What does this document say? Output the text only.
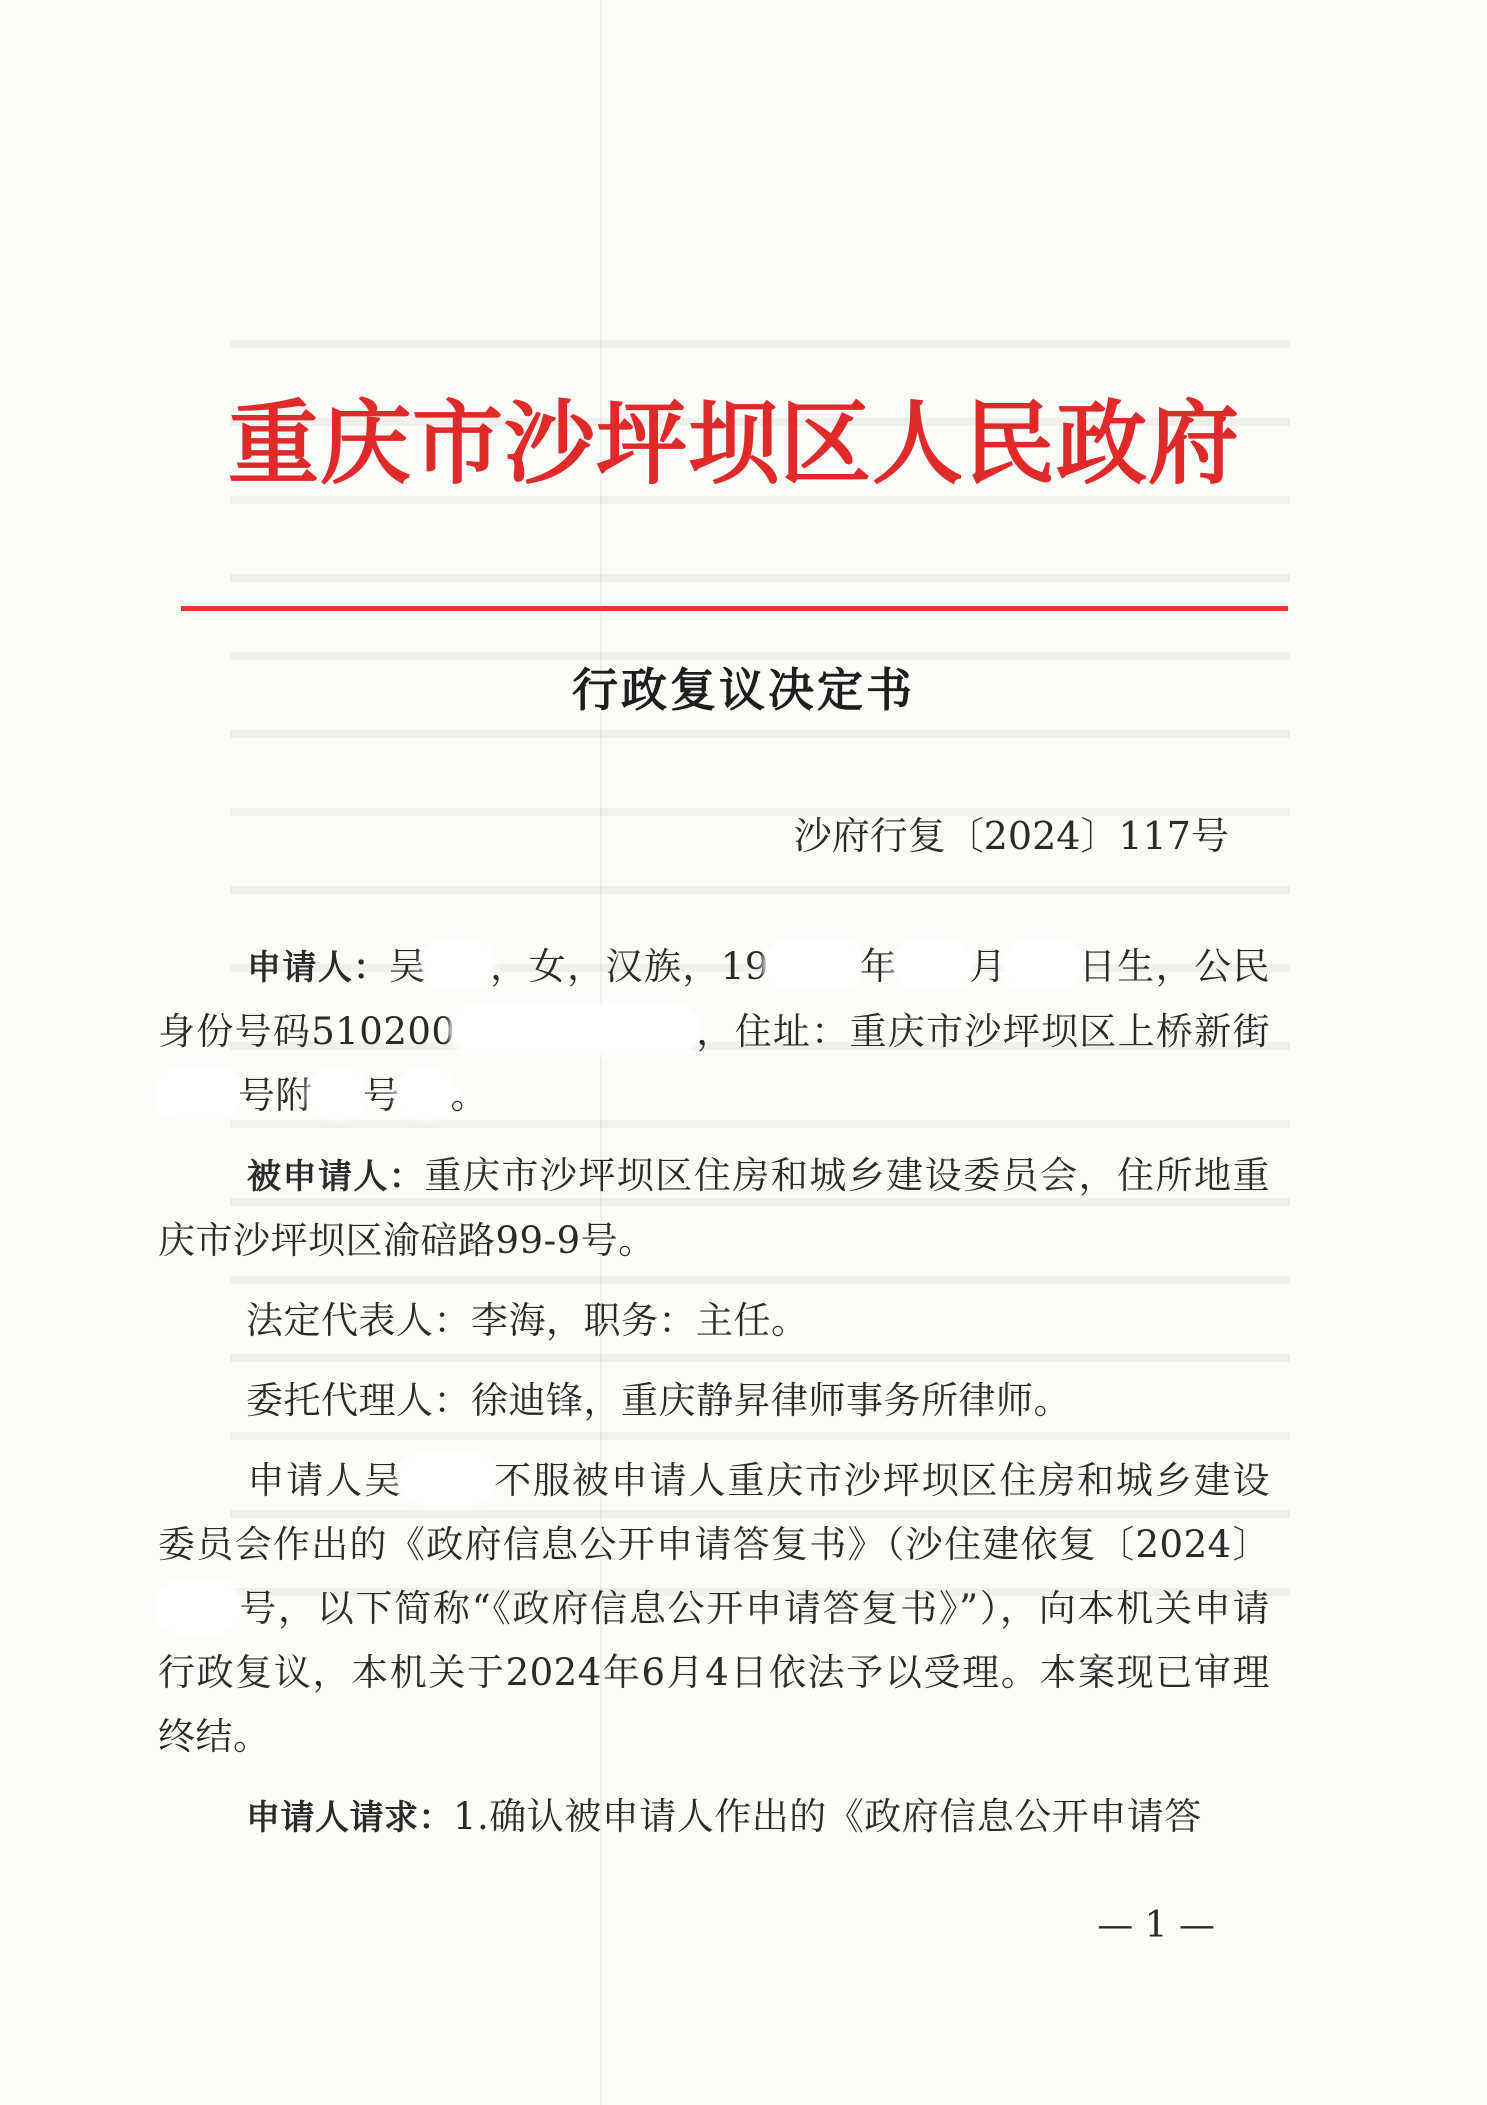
重庆市沙坪坝区人民政府
行政复议决定书
沙府行复〔2024〕117号

申请人：吴 ，女，汉族，19 年 月 日生，公民身份号码510200	，住址：重庆市沙坪坝区上桥新街号附 号 。

被申请人：重庆市沙坪坝区住房和城乡建设委员会，住所地重庆市沙坪坝区渝碚路99-9号。

法定代表人：李海，职务：主任。

委托代理人：徐迪锋，重庆静昇律师事务所律师。

申请人吴 不服被申请人重庆市沙坪坝区住房和城乡建设委员会作出的《政府信息公开申请答复书》（沙住建依复〔2024〕号，以下简称“《政府信息公开申请答复书》”），向本机关申请行政复议，本机关于2024年6月4日依法予以受理。本案现已审理终结。

申请人请求：1.确认被申请人作出的《政府信息公开申请答

— 1 —
